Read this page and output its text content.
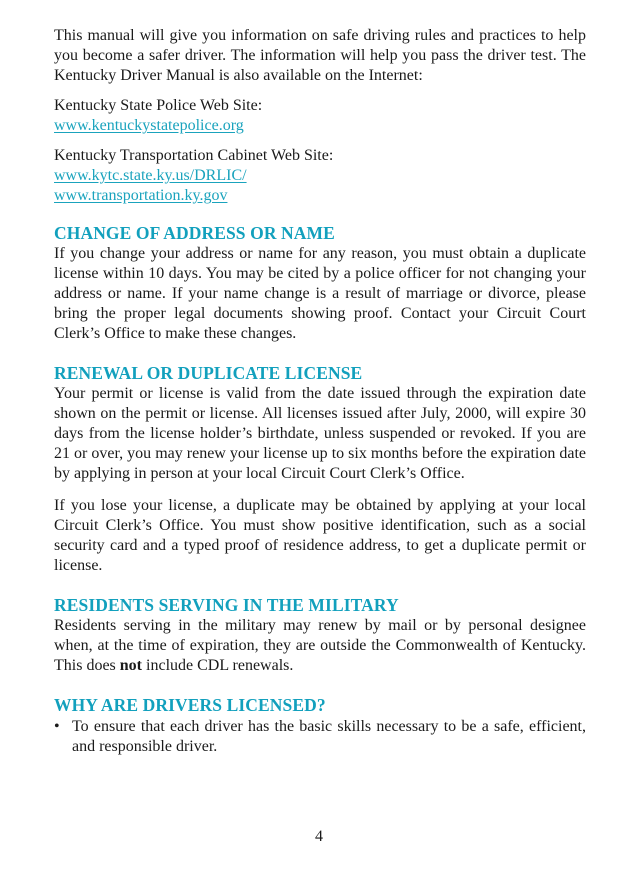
This manual will give you information on safe driving rules and practices to help you become a safer driver. The information will help you pass the driver test. The Kentucky Driver Manual is also available on the Internet:

Kentucky State Police Web Site:

www.kentuckystatepolice.org

Kentucky Transportation Cabinet Web Site:

www.kytc.state.ky.us/DRLIC/
www.transportation.ky.gov
CHANGE OF ADDRESS OR NAME

If you change your address or name for any reason, you must obtain a duplicate license within 10 days. You may be cited by a police officer for not changing your address or name. If your name change is a result of marriage or divorce, please bring the proper legal documents showing proof. Contact your Circuit Court Clerk’s Office to make these changes.

RENEWAL OR DUPLICATE LICENSE

Your permit or license is valid from the date issued through the expiration date shown on the permit or license. All licenses issued after July, 2000, will expire 30 days from the license holder’s birthdate, unless suspended or revoked. If you are 21 or over, you may renew your license up to six months before the expiration date by applying in person at your local Circuit Court Clerk’s Office.

If you lose your license, a duplicate may be obtained by applying at your local Circuit Clerk’s Office. You must show positive identification, such as a social security card and a typed proof of residence address, to get a duplicate permit or license.

RESIDENTS SERVING IN THE MILITARY

Residents serving in the military may renew by mail or by personal designee when, at the time of expiration, they are outside the Commonwealth of Kentucky. This does not include CDL renewals.

WHY ARE DRIVERS LICENSED?
• To ensure that each driver has the basic skills necessary to be a safe, efficient, and responsible driver.
4
